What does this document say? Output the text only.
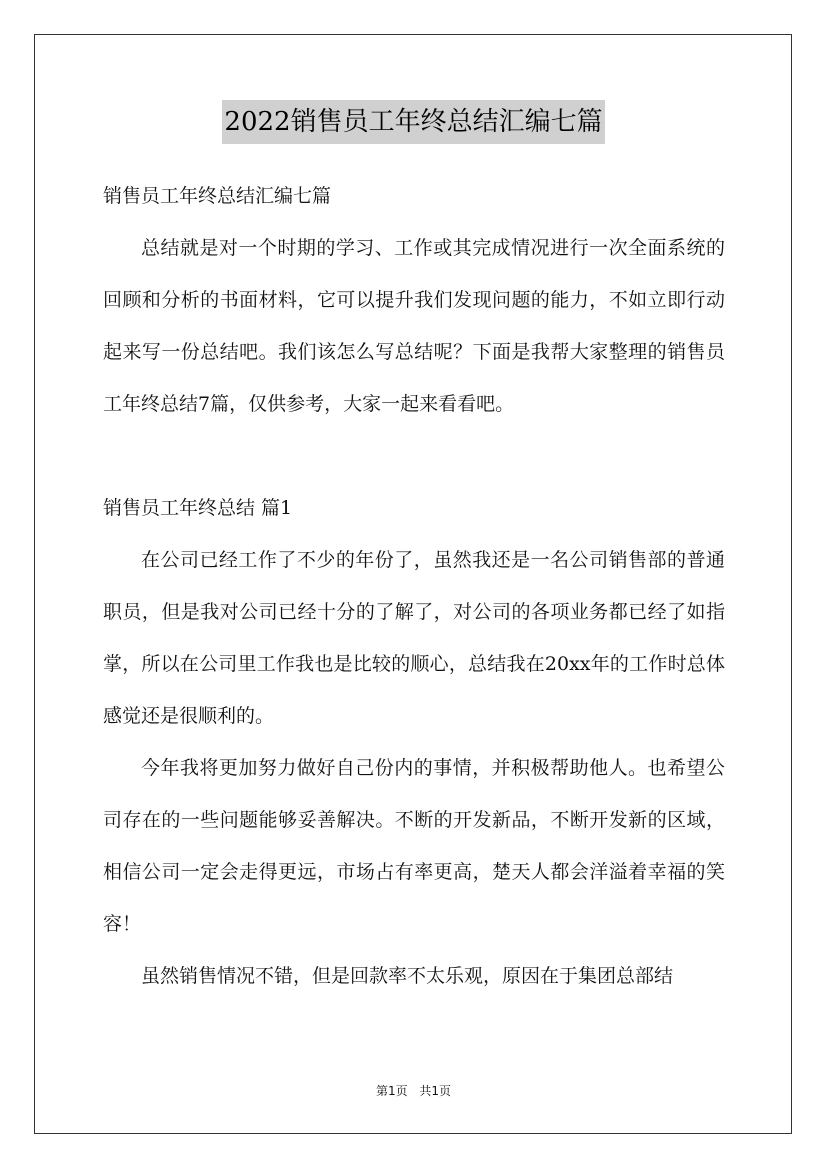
2022销售员工年终总结汇编七篇

销售员工年终总结汇编七篇

总结就是对一个时期的学习、工作或其完成情况进行一次全面系统的回顾和分析的书面材料，它可以提升我们发现问题的能力，不如立即行动起来写一份总结吧。我们该怎么写总结呢？下面是我帮大家整理的销售员工年终总结7篇，仅供参考，大家一起来看看吧。

销售员工年终总结 篇1

在公司已经工作了不少的年份了，虽然我还是一名公司销售部的普通职员，但是我对公司已经十分的了解了，对公司的各项业务都已经了如指掌，所以在公司里工作我也是比较的顺心，总结我在20xx年的工作时总体感觉还是很顺利的。

今年我将更加努力做好自己份内的事情，并积极帮助他人。也希望公司存在的一些问题能够妥善解决。不断的开发新品，不断开发新的区域，相信公司一定会走得更远，市场占有率更高，楚天人都会洋溢着幸福的笑容！

虽然销售情况不错，但是回款率不太乐观，原因在于集团总部结

第1页 共1页
